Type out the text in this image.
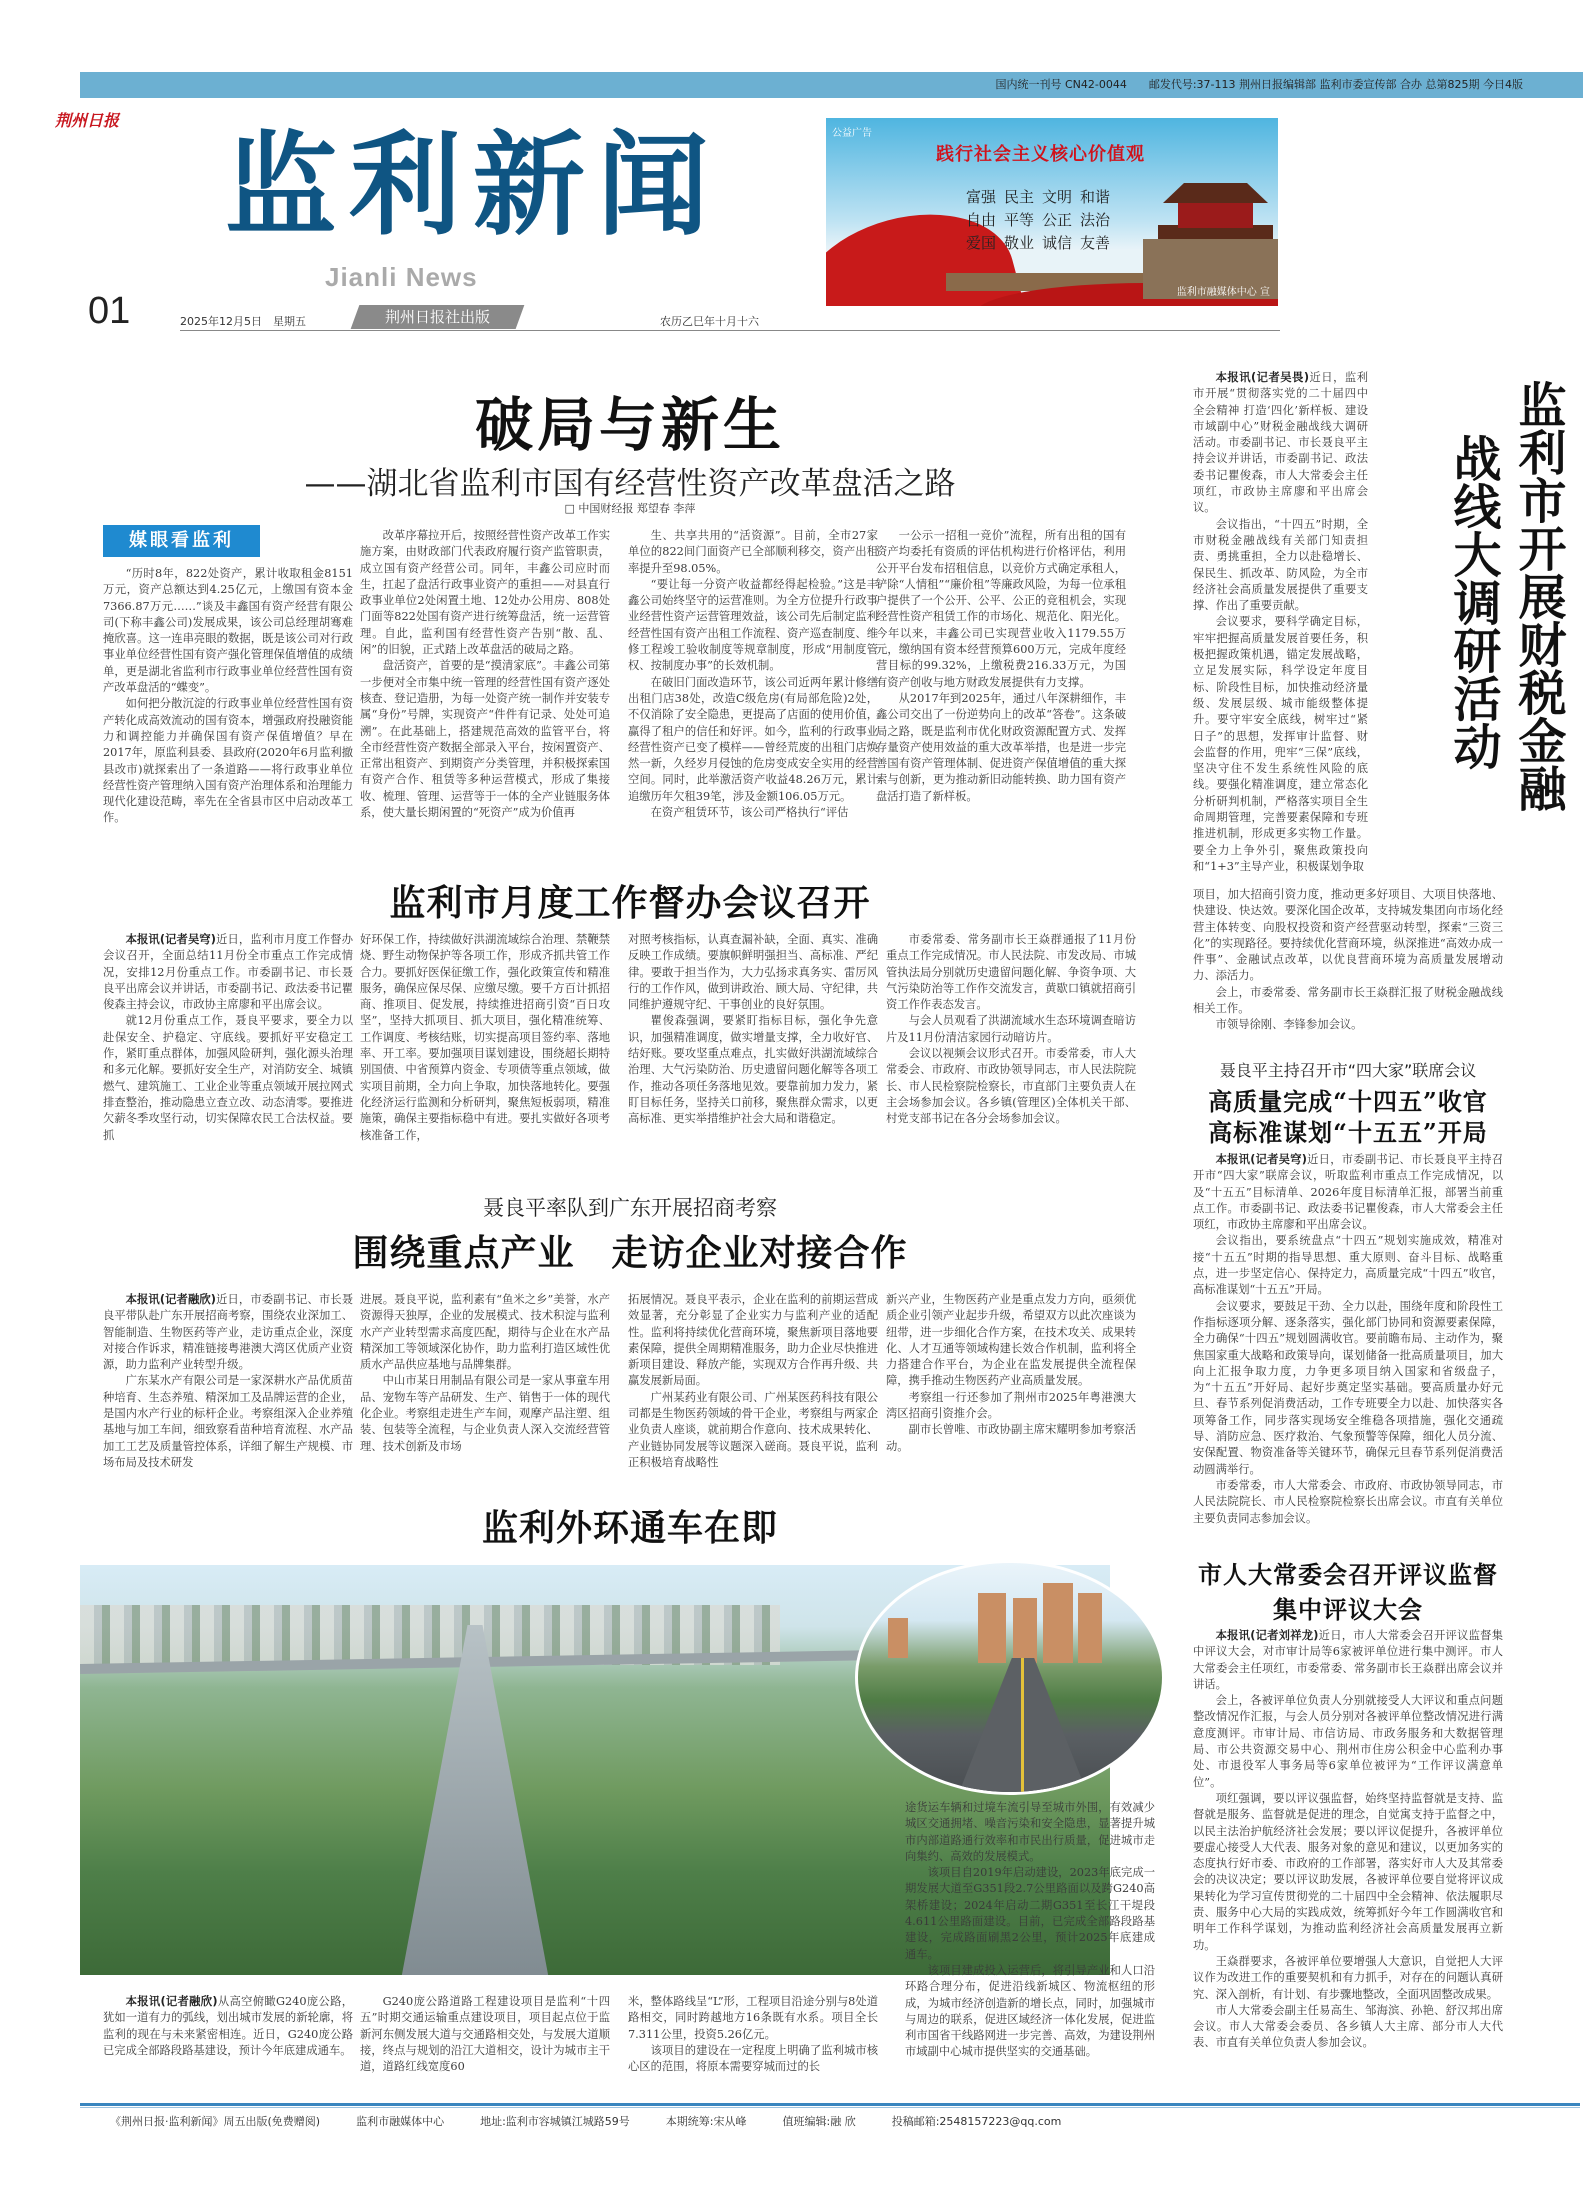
国内统一刊号 CN42-0044　　邮发代号:37-113 荆州日报编辑部 监利市委宣传部 合办 总第825期 今日4版
荆州日报 监利新闻
Jianli News
01	2025年12月5日　星期五	荆州日报社出版	农历乙巳年十月十六
公益广告
践行社会主义核心价值观
富强 民主 文明 和谐
自由 平等 公正 法治
爱国 敬业 诚信 友善
监利市融媒体中心 宣
破局与新生
——湖北省监利市国有经营性资产改革盘活之路
□ 中国财经报 郑望春 李萍
媒眼看监利

“历时8年，822处资产，累计收取租金8151万元，资产总额达到4.25亿元，上缴国有资本金7366.87万元……”谈及丰鑫国有资产经营有限公司(下称丰鑫公司)发展成果，该公司总经理胡骞难掩欣喜。这一连串亮眼的数据，既是该公司对行政事业单位经营性国有资产强化管理保值增值的成绩单，更是湖北省监利市行政事业单位经营性国有资产改革盘活的“蝶变”。

如何把分散沉淀的行政事业单位经营性国有资产转化成高效流动的国有资本，增强政府投融资能力和调控能力并确保国有资产保值增值？早在2017年，原监利县委、县政府(2020年6月监利撤县改市)就探索出了一条道路——将行政事业单位经营性资产管理纳入国有资产治理体系和治理能力现代化建设范畴，率先在全省县市区中启动改革工作。

改革序幕拉开后，按照经营性资产改革工作实施方案，由财政部门代表政府履行资产监管职责，成立国有资产经营公司。同年，丰鑫公司应时而生，扛起了盘活行政事业资产的重担——对县直行政事业单位2处闲置土地、12处办公用房、808处门面等822处国有资产进行统筹盘活，统一运营管理。自此，监利国有经营性资产告别“散、乱、闲”的旧貌，正式踏上改革盘活的破局之路。

盘活资产，首要的是“摸清家底”。丰鑫公司第一步便对全市集中统一管理的经营性国有资产逐处核查、登记造册，为每一处资产统一制作并安装专属“身份”号牌，实现资产“件件有记录、处处可追溯”。在此基础上，搭建规范高效的监管平台，将全市经营性资产数据全部录入平台，按闲置资产、正常出租资产、到期资产分类管理，并积极探索国有资产合作、租赁等多种运营模式，形成了集接收、梳理、管理、运营等于一体的全产业链服务体系，使大量长期闲置的“死资产”成为价值再

生、共享共用的“活资源”。目前，全市27家单位的822间门面资产已全部顺利移交，资产出租率提升至98.05%。

“要让每一分资产收益都经得起检验。”这是丰鑫公司始终坚守的运营准则。为全方位提升行政事业经营性资产运营管理效益，该公司先后制定监利经营性国有资产出租工作流程、资产巡查制度、维修工程竣工验收制度等规章制度，形成“用制度管权、按制度办事”的长效机制。

在破旧门面改造环节，该公司近两年累计修缮出租门店38处，改造C级危房(有局部危险)2处，不仅消除了安全隐患，更提高了店面的使用价值，赢得了租户的信任和好评。如今，监利的行政事业经营性资产已变了模样——曾经荒废的出租门店焕然一新，久经岁月侵蚀的危房变成安全实用的经营空间。同时，此举激活资产收益48.26万元，累计追缴历年欠租39笔，涉及金额106.05万元。

在资产租赁环节，该公司严格执行“评估

一公示一招租一竞价”流程，所有出租的国有资产均委托有资质的评估机构进行价格评估，利用公开平台发布招租信息，以竞价方式确定承租人，铲除“人情租”“廉价租”等廉政风险，为每一位承租户提供了一个公开、公平、公正的竞租机会，实现经营性资产租赁工作的市场化、规范化、阳光化。今年以来，丰鑫公司已实现营业收入1179.55万元，缴纳国有资本经营预算600万元，完成年度经营目标的99.32%，上缴税费216.33万元，为国有资产创收与地方财政发展提供有力支撑。

从2017年到2025年，通过八年深耕细作，丰鑫公司交出了一份逆势向上的改革“答卷”。这条破局之路，既是监利市优化财政资源配置方式、发挥存量资产使用效益的重大改革举措，也是进一步完善国有资产管理体制、促进资产保值增值的重大探索与创新，更为推动新旧动能转换、助力国有资产盘活打造了新样板。	监利市开展财税金融
战线大调研活动

本报讯(记者吴畏)近日，监利市开展“贯彻落实党的二十届四中全会精神 打造‘四化’新样板、建设市域副中心”财税金融战线大调研活动。市委副书记、市长聂良平主持会议并讲话，市委副书记、政法委书记瞿俊森，市人大常委会主任项红，市政协主席廖和平出席会议。

会议指出，“十四五”时期，全市财税金融战线有关部门知责担责、勇挑重担，全力以赴稳增长、保民生、抓改革、防风险，为全市经济社会高质量发展提供了重要支撑、作出了重要贡献。

会议要求，要科学确定目标，牢牢把握高质量发展首要任务，积极把握政策机遇，锚定发展战略，立足发展实际，科学设定年度目标、阶段性目标，加快推动经济量级、发展层级、城市能级整体提升。要守牢安全底线，树牢过“紧日子”的思想，发挥审计监督、财会监督的作用，兜牢“三保”底线，坚决守住不发生系统性风险的底线。要强化精准调度，建立常态化分析研判机制，严格落实项目全生命周期管理，完善要素保障和专班推进机制，形成更多实物工作量。要全力上争外引，聚焦政策投向和“1+3”主导产业，积极谋划争取

项目，加大招商引资力度，推动更多好项目、大项目快落地、快建设、快达效。要深化国企改革，支持城发集团向市场化经营主体转变、向股权投资和资产经营驱动转型，探索“三资三化”的实现路径。要持续优化营商环境，纵深推进“高效办成一件事”、金融试点改革，以优良营商环境为高质量发展增动力、添活力。

会上，市委常委、常务副市长王焱群汇报了财税金融战线相关工作。

市领导徐刚、李锋参加会议。

监利市月度工作督办会议召开

本报讯(记者吴穹)近日，监利市月度工作督办会议召开，全面总结11月份全市重点工作完成情况，安排12月份重点工作。市委副书记、市长聂良平出席会议并讲话，市委副书记、政法委书记瞿俊森主持会议，市政协主席廖和平出席会议。

就12月份重点工作，聂良平要求，要全力以赴保安全、护稳定、守底线。要抓好平安稳定工作，紧盯重点群体，加强风险研判，强化源头治理和多元化解。要抓好安全生产，对消防安全、城镇燃气、建筑施工、工业企业等重点领域开展拉网式排查整治，推动隐患立查立改、动态清零。要推进欠薪冬季攻坚行动，切实保障农民工合法权益。要抓

好环保工作，持续做好洪湖流域综合治理、禁鞭禁烧、野生动物保护等各项工作，形成齐抓共管工作合力。要抓好医保征缴工作，强化政策宣传和精准服务，确保应保尽保、应缴尽缴。要千方百计抓招商、推项目、促发展，持续推进招商引资“百日攻坚”，坚持大抓项目、抓大项目，强化精准统筹、工作调度、考核结账，切实提高项目签约率、落地率、开工率。要加强项目谋划建设，围绕超长期特别国债、中省预算内资金、专项债等重点领域，做实项目前期，全力向上争取，加快落地转化。要强化经济运行监测和分析研判，聚焦短板弱项，精准施策，确保主要指标稳中有进。要扎实做好各项考核准备工作，

对照考核指标，认真查漏补缺，全面、真实、准确反映工作成绩。要旗帜鲜明强担当、高标准、严纪律。要敢于担当作为，大力弘扬求真务实、雷厉风行的工作作风，做到讲政治、顾大局、守纪律，共同维护遵规守纪、干事创业的良好氛围。

瞿俊森强调，要紧盯指标目标，强化争先意识，加强精准调度，做实增量支撑，全力收好官、结好账。要攻坚重点难点，扎实做好洪湖流域综合治理、大气污染防治、历史遗留问题化解等各项工作，推动各项任务落地见效。要靠前加力发力，紧盯目标任务，坚持关口前移，聚焦群众需求，以更高标准、更实举措维护社会大局和谐稳定。

市委常委、常务副市长王焱群通报了11月份重点工作完成情况。市人民法院、市发改局、市城管执法局分别就历史遗留问题化解、争资争项、大气污染防治等工作作交流发言，黄歇口镇就招商引资工作作表态发言。

与会人员观看了洪湖流域水生态环境调查暗访片及11月份清洁家园行动暗访片。

会议以视频会议形式召开。市委常委，市人大常委会、市政府、市政协领导同志，市人民法院院长、市人民检察院检察长，市直部门主要负责人在主会场参加会议。各乡镇(管理区)全体机关干部、村党支部书记在各分会场参加会议。

聂良平主持召开市“四大家”联席会议
高质量完成“十四五”收官
高标准谋划“十五五”开局

本报讯(记者吴穹)近日，市委副书记、市长聂良平主持召开市“四大家”联席会议，听取监利市重点工作完成情况，以及“十五五”目标清单、2026年度目标清单汇报，部署当前重点工作。市委副书记、政法委书记瞿俊森，市人大常委会主任项红，市政协主席廖和平出席会议。

会议指出，要系统盘点“十四五”规划实施成效，精准对接“十五五”时期的指导思想、重大原则、奋斗目标、战略重点，进一步坚定信心、保持定力，高质量完成“十四五”收官，高标准谋划“十五五”开局。

会议要求，要鼓足干劲、全力以赴，围绕年度和阶段性工作指标逐项分解、逐条落实，强化部门协同和资源要素保障，全力确保“十四五”规划圆满收官。要前瞻布局、主动作为，聚焦国家重大战略和政策导向，谋划储备一批高质量项目，加大向上汇报争取力度，力争更多项目纳入国家和省级盘子，为“十五五”开好局、起好步奠定坚实基础。要高质量办好元旦、春节系列促消费活动，工作专班要全力以赴、加快落实各项筹备工作，同步落实现场安全维稳各项措施，强化交通疏导、消防应急、医疗救治、气象预警等保障，细化人员分流、安保配置、物资准备等关键环节，确保元旦春节系列促消费活动圆满举行。

市委常委，市人大常委会、市政府、市政协领导同志，市人民法院院长、市人民检察院检察长出席会议。市直有关单位主要负责同志参加会议。

聂良平率队到广东开展招商考察
围绕重点产业　走访企业对接合作

本报讯(记者融欣)近日，市委副书记、市长聂良平带队赴广东开展招商考察，围绕农业深加工、智能制造、生物医药等产业，走访重点企业，深度对接合作诉求，精准链接粤港澳大湾区优质产业资源，助力监利产业转型升级。

广东某水产有限公司是一家深耕水产品优质苗种培育、生态养殖、精深加工及品牌运营的企业，是国内水产行业的标杆企业。考察组深入企业养殖基地与加工车间，细致察看苗种培育流程、水产品加工工艺及质量管控体系，详细了解生产规模、市场布局及技术研发

进展。聂良平说，监利素有“鱼米之乡”美誉，水产资源得天独厚，企业的发展模式、技术积淀与监利水产产业转型需求高度匹配，期待与企业在水产品精深加工等领域深化协作，助力监利打造区域性优质水产品供应基地与品牌集群。

中山市某日用制品有限公司是一家从事童车用品、宠物车等产品研发、生产、销售于一体的现代化企业。考察组走进生产车间，观摩产品注塑、组装、包装等全流程，与企业负责人深入交流经营管理、技术创新及市场

拓展情况。聂良平表示，企业在监利的前期运营成效显著，充分彰显了企业实力与监利产业的适配性。监利将持续优化营商环境，聚焦新项目落地要素保障，提供全周期精准服务，助力企业尽快推进新项目建设、释放产能，实现双方合作再升级、共赢发展新局面。

广州某药业有限公司、广州某医药科技有限公司都是生物医药领域的骨干企业，考察组与两家企业负责人座谈，就前期合作意向、技术成果转化、产业链协同发展等议题深入磋商。聂良平说，监利正积极培育战略性

新兴产业，生物医药产业是重点发力方向，亟须优质企业引领产业起步升级，希望双方以此次座谈为纽带，进一步细化合作方案，在技术攻关、成果转化、人才互通等领域构建长效合作机制，监利将全力搭建合作平台，为企业在监发展提供全流程保障，携手推动生物医药产业高质量发展。

考察组一行还参加了荆州市2025年粤港澳大湾区招商引资推介会。

副市长曾唯、市政协副主席宋耀明参加考察活动。

监利外环通车在即

途货运车辆和过境车流引导至城市外围，有效减少城区交通拥堵、噪音污染和安全隐患，显著提升城市内部道路通行效率和市民出行质量，促进城市走向集约、高效的发展模式。

该项目自2019年启动建设，2023年底完成一期发展大道至G351段2.7公里路面以及跨G240高架桥建设；2024年启动二期G351至长江干堤段4.611公里路面建设。目前，已完成全部路段路基建设，完成路面刷黑2公里，预计2025年底建成通车。

该项目建成投入运营后，将引导产业和人口沿环路合理分布，促进沿线新城区、物流枢纽的形成，为城市经济创造新的增长点，同时，加强城市与周边的联系，促进区域经济一体化发展，促进监利市国省干线路网进一步完善、高效，为建设荆州市域副中心城市提供坚实的交通基础。

本报讯(记者融欣)从高空俯瞰G240庞公路，犹如一道有力的弧线，划出城市发展的新轮廓，将监利的现在与未来紧密相连。近日，G240庞公路已完成全部路段路基建设，预计今年底建成通车。

G240庞公路道路工程建设项目是监利“十四五”时期交通运输重点建设项目，项目起点位于监新河东侧发展大道与交通路相交处，与发展大道顺接，终点与规划的沿江大道相交，设计为城市主干道，道路红线宽度60

米，整体路线呈“L”形，工程项目沿途分别与8处道路相交，同时跨越地方16条既有水系。项目全长7.311公里，投资5.26亿元。

该项目的建设在一定程度上明确了监利城市核心区的范围，将原本需要穿城而过的长

市人大常委会召开评议监督
集中评议大会

本报讯(记者刘祥龙)近日，市人大常委会召开评议监督集中评议大会，对市审计局等6家被评单位进行集中测评。市人大常委会主任项红，市委常委、常务副市长王焱群出席会议并讲话。

会上，各被评单位负责人分别就接受人大评议和重点问题整改情况作汇报，与会人员分别对各被评单位整改情况进行满意度测评。市审计局、市信访局、市政务服务和大数据管理局、市公共资源交易中心、荆州市住房公积金中心监利办事处、市退役军人事务局等6家单位被评为“工作评议满意单位”。

项红强调，要以评议强监督，始终坚持监督就是支持、监督就是服务、监督就是促进的理念，自觉寓支持于监督之中，以民主法治护航经济社会发展；要以评议促提升，各被评单位要虚心接受人大代表、服务对象的意见和建议，以更加务实的态度执行好市委、市政府的工作部署，落实好市人大及其常委会的决议决定；要以评议助发展，各被评单位要自觉将评议成果转化为学习宣传贯彻党的二十届四中全会精神、依法履职尽责、服务中心大局的实践成效，统筹抓好今年工作圆满收官和明年工作科学谋划，为推动监利经济社会高质量发展再立新功。

王焱群要求，各被评单位要增强人大意识，自觉把人大评议作为改进工作的重要契机和有力抓手，对存在的问题认真研究、深入剖析，有计划、有步骤地整改，全面巩固整改成果。

市人大常委会副主任易高生、邹海滨、孙艳、舒汉邦出席会议。市人大常委会委员、各乡镇人大主席、部分市人大代表、市直有关单位负责人参加会议。

《荆州日报·监利新闻》周五出版(免费赠阅)	监利市融媒体中心	地址:监利市容城镇江城路59号	本期统筹:宋从峰	值班编辑:融 欣	投稿邮箱:2548157223@qq.com
